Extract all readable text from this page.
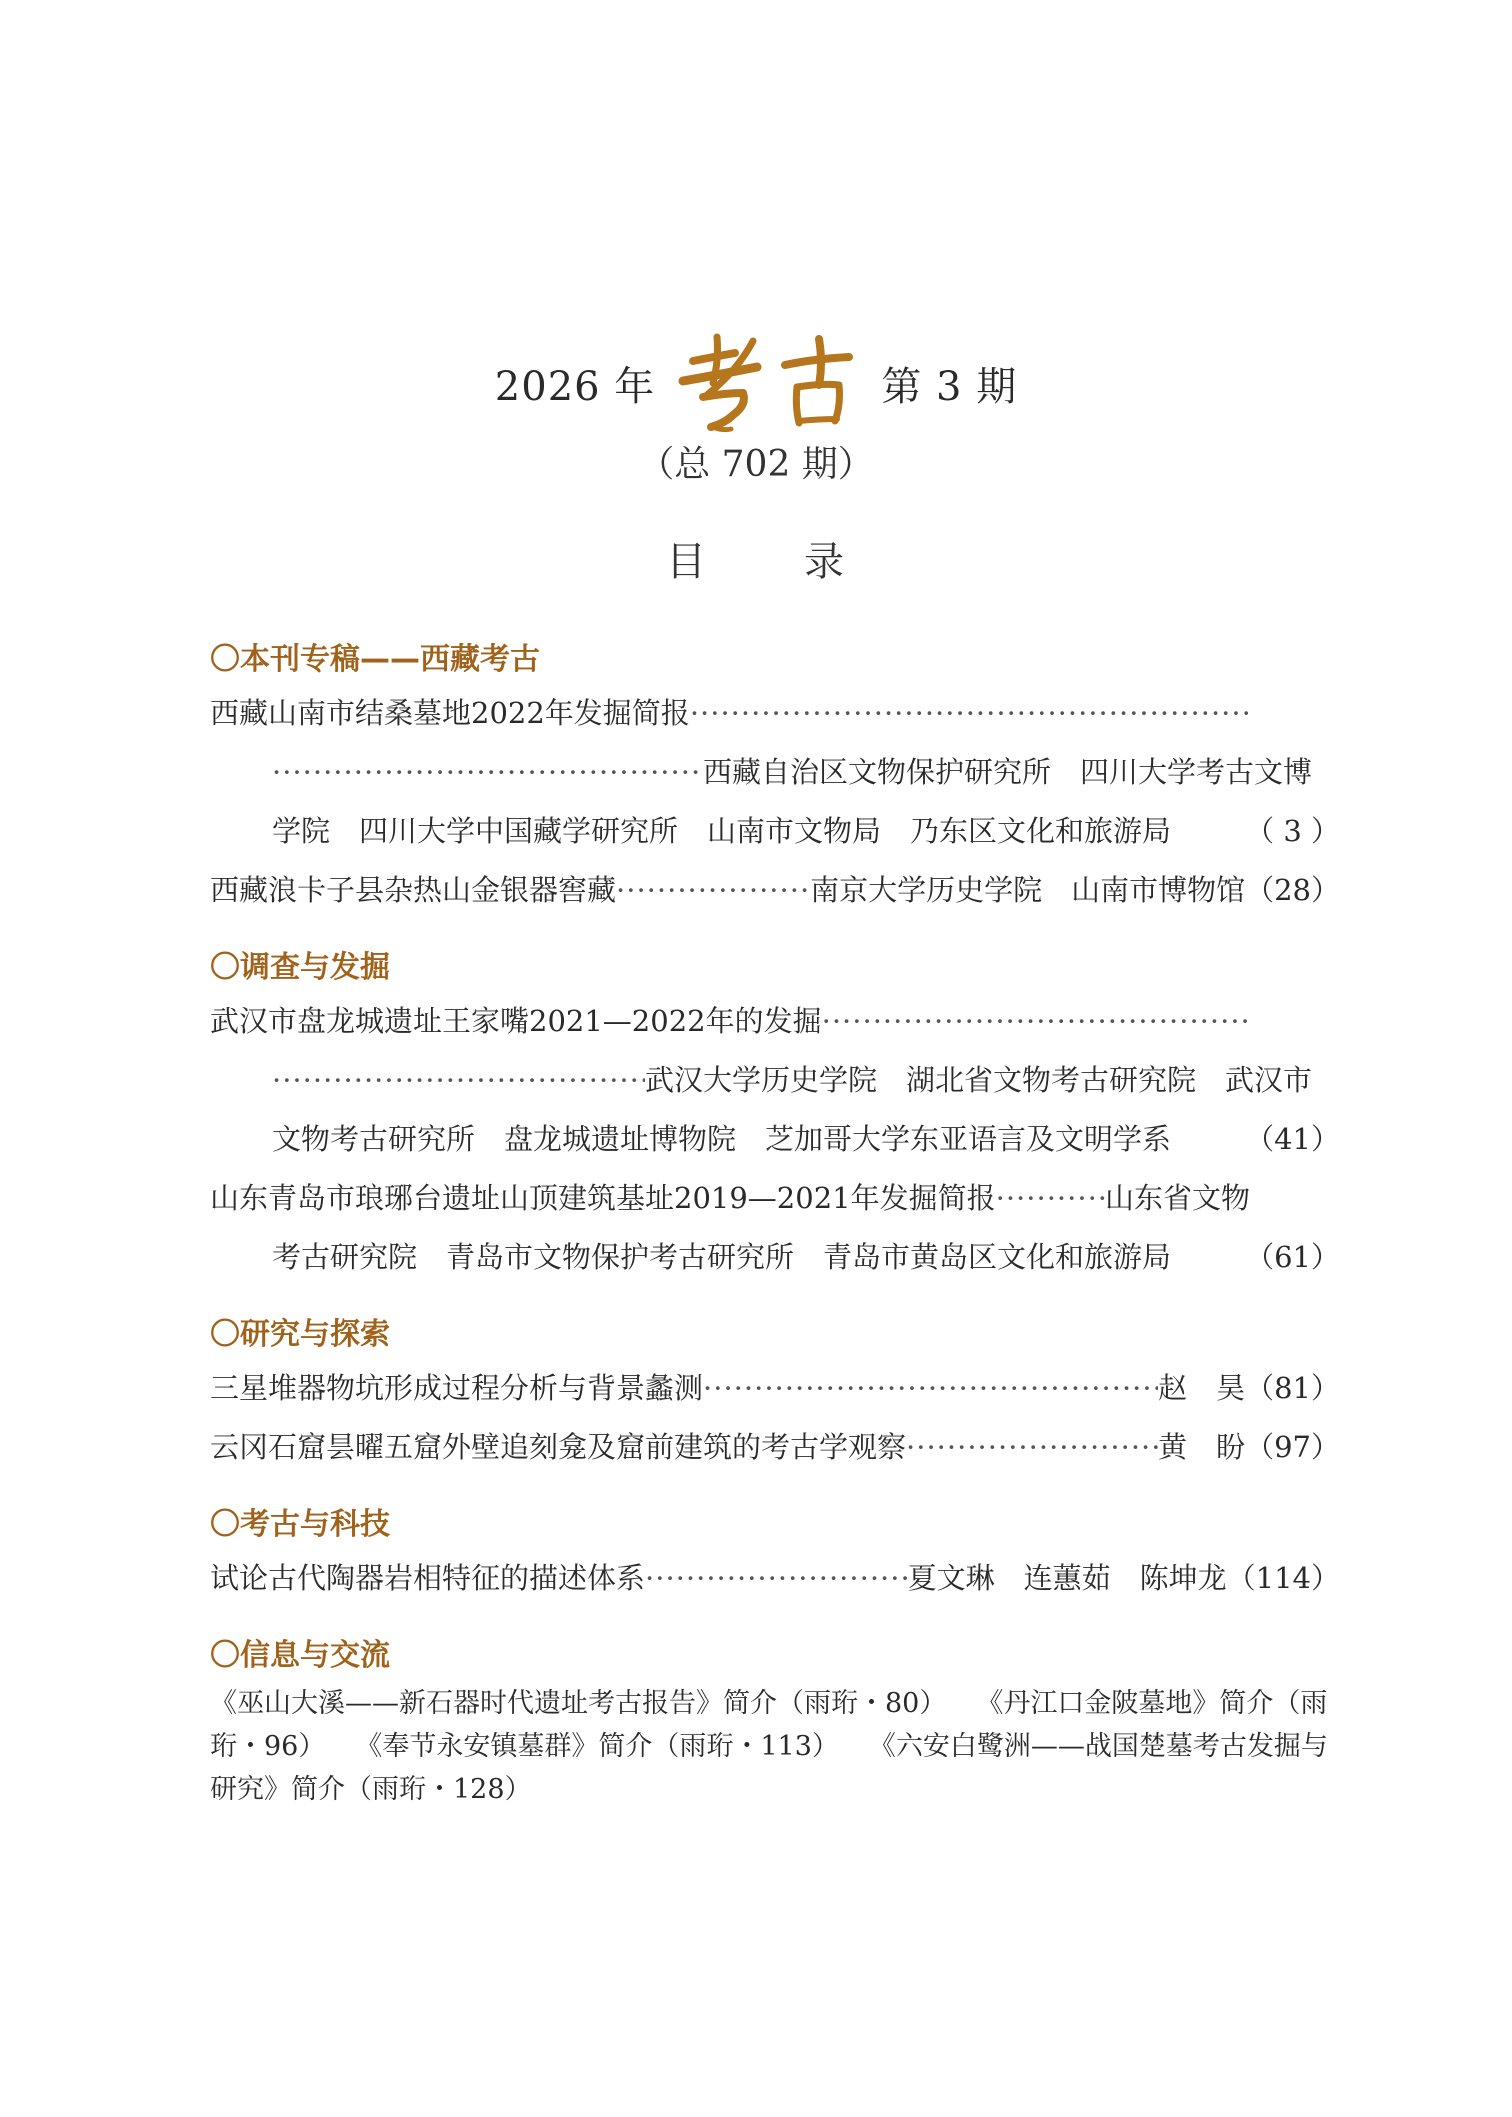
2026 年	第 3 期
（总 702 期）
目 录
〇本刊专稿——西藏考古
西藏山南市结桑墓地2022年发掘简报
·····
·····
西藏自治区文物保护研究所　四川大学考古文博
学院　四川大学中国藏学研究所　山南市文物局　乃东区文化和旅游局	（ 3 ）
西藏浪卡子县杂热山金银器窖藏 ·····	南京大学历史学院　山南市博物馆 （28）
〇调查与发掘
武汉市盘龙城遗址王家嘴2021—2022年的发掘
·····
·····
武汉大学历史学院　湖北省文物考古研究院　武汉市
文物考古研究所　盘龙城遗址博物院　芝加哥大学东亚语言及文明学系	（41）
山东青岛市琅琊台遗址山顶建筑基址2019—2021年发掘简报 ·····	山东省文物
考古研究院　青岛市文物保护考古研究所　青岛市黄岛区文化和旅游局	（61）
〇研究与探索
三星堆器物坑形成过程分析与背景蠡测 ·····	赵　昊 （81）
云冈石窟昙曜五窟外壁追刻龛及窟前建筑的考古学观察 ·····	黄　盼 （97）
〇考古与科技
试论古代陶器岩相特征的描述体系 ·····	夏文琳　连蕙茹　陈坤龙 （114）
〇信息与交流
《巫山大溪——新石器时代遗址考古报告》简介（雨珩・80） 《丹江口金陂墓地》简介（雨珩・96） 《奉节永安镇墓群》简介（雨珩・113） 《六安白鹭洲——战国楚墓考古发掘与研究》简介（雨珩・128）
